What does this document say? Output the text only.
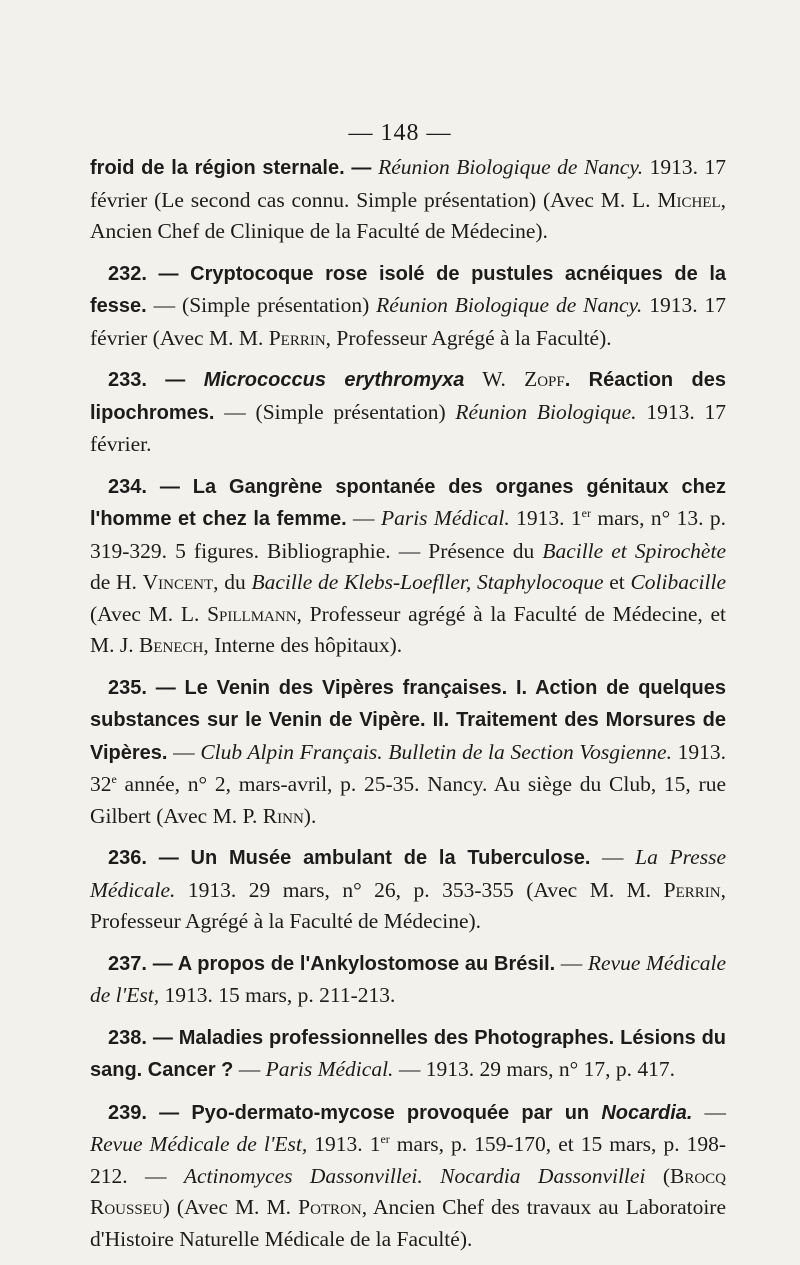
— 148 —

froid de la région sternale. — Réunion Biologique de Nancy. 1913. 17 février (Le second cas connu. Simple présentation) (Avec M. L. Michel, Ancien Chef de Clinique de la Faculté de Médecine).

232. — Cryptocoque rose isolé de pustules acnéiques de la fesse. — (Simple présentation) Réunion Biologique de Nancy. 1913. 17 février (Avec M. M. Perrin, Professeur Agrégé à la Faculté).

233. — Micrococcus erythromyxa W. Zopf. Réaction des lipochromes. — (Simple présentation) Réunion Biologique. 1913. 17 février.

234. — La Gangrène spontanée des organes génitaux chez l'homme et chez la femme. — Paris Médical. 1913. 1er mars, n° 13. p. 319-329. 5 figures. Bibliographie. — Présence du Bacille et Spirochète de H. Vincent, du Bacille de Klebs-Loefller, Staphylocoque et Colibacille (Avec M. L. Spillmann, Professeur agrégé à la Faculté de Médecine, et M. J. Benech, Interne des hôpitaux).

235. — Le Venin des Vipères françaises. I. Action de quelques substances sur le Venin de Vipère. II. Traitement des Morsures de Vipères. — Club Alpin Français. Bulletin de la Section Vosgienne. 1913. 32e année, n° 2, mars-avril, p. 25-35. Nancy. Au siège du Club, 15, rue Gilbert (Avec M. P. Rinn).

236. — Un Musée ambulant de la Tuberculose. — La Presse Médicale. 1913. 29 mars, n° 26, p. 353-355 (Avec M. M. Perrin, Professeur Agrégé à la Faculté de Médecine).

237. — A propos de l'Ankylostomose au Brésil. — Revue Médicale de l'Est, 1913. 15 mars, p. 211-213.

238. — Maladies professionnelles des Photographes. Lésions du sang. Cancer ? — Paris Médical. — 1913. 29 mars, n° 17, p. 417.

239. — Pyo-dermato-mycose provoquée par un Nocardia. — Revue Médicale de l'Est, 1913. 1er mars, p. 159-170, et 15 mars, p. 198-212. — Actinomyces Dassonvillei. Nocardia Dassonvillei (Brocq Rousseu) (Avec M. M. Potron, Ancien Chef des travaux au Laboratoire d'Histoire Naturelle Médicale de la Faculté).
